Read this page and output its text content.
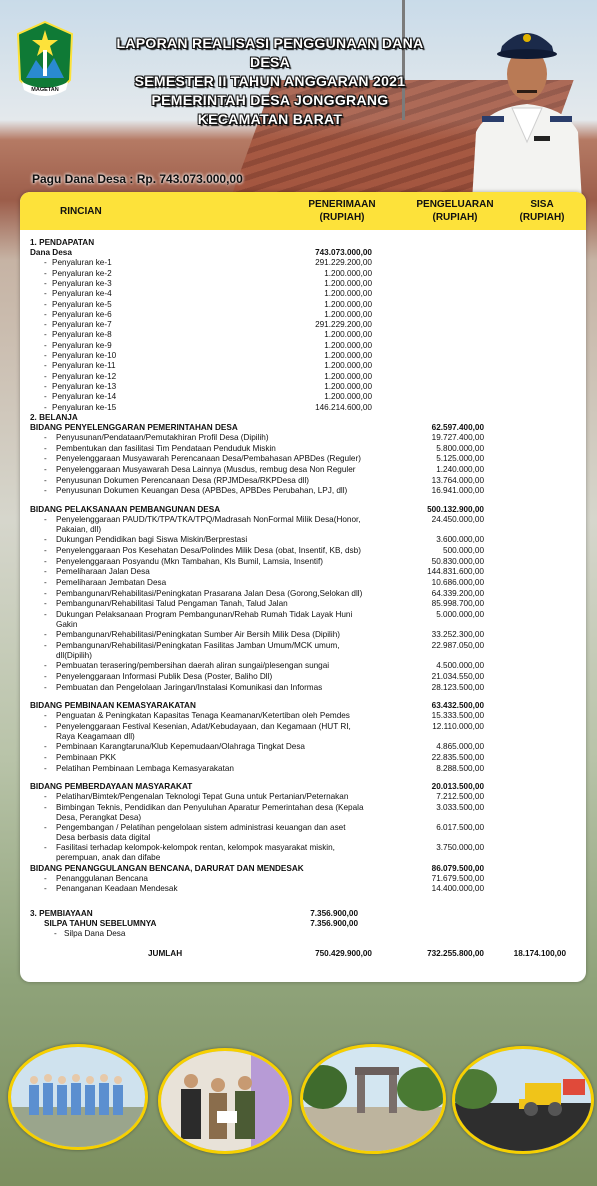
MAGETAN
LAPORAN REALISASI PENGGUNAAN DANA DESA
SEMESTER II TAHUN ANGGARAN 2021
PEMERINTAH DESA JONGGRANG
KECAMATAN BARAT
Pagu Dana Desa : Rp. 743.073.000,00
RINCIAN
PENERIMAAN
(RUPIAH)
PENGELUARAN
(RUPIAH)
SISA
(RUPIAH)
1. PENDAPATAN
Dana Desa	743.073.000,00
- Penyaluran ke-1	291.229.200,00
- Penyaluran ke-2	1.200.000,00
- Penyaluran ke-3	1.200.000,00
- Penyaluran ke-4	1.200.000,00
- Penyaluran ke-5	1.200.000,00
- Penyaluran ke-6	1.200.000,00
- Penyaluran ke-7	291.229.200,00
- Penyaluran ke-8	1.200.000,00
- Penyaluran ke-9	1.200.000,00
- Penyaluran ke-10	1.200.000,00
- Penyaluran ke-11	1.200.000,00
- Penyaluran ke-12	1.200.000,00
- Penyaluran ke-13	1.200.000,00
- Penyaluran ke-14	1.200.000,00
- Penyaluran ke-15	146.214.600,00
2. BELANJA
BIDANG PENYELENGGARAN PEMERINTAHAN DESA	62.597.400,00
- Penyusunan/Pendataan/Pemutakhiran Profil Desa (Dipilih)	19.727.400,00
- Pembentukan dan fasilitasi Tim Pendataan Penduduk Miskin	5.800.000,00
- Penyelenggaraan Musyawarah Perencanaan Desa/Pembahasan APBDes (Reguler)	5.125.000,00
- Penyelenggaraan Musyawarah Desa Lainnya (Musdus, rembug desa Non Reguler	1.240.000,00
- Penyusunan Dokumen Perencanaan Desa (RPJMDesa/RKPDesa dll)	13.764.000,00
- Penyusunan Dokumen Keuangan Desa (APBDes, APBDes Perubahan, LPJ, dll)	16.941.000,00
BIDANG PELAKSANAAN PEMBANGUNAN DESA	500.132.900,00
- Penyelenggaraan PAUD/TK/TPA/TKA/TPQ/Madrasah NonFormal Milik Desa(Honor,
Pakaian, dll)
24.450.000,00
- Dukungan Pendidikan bagi Siswa Miskin/Berprestasi	3.600.000,00
- Penyelenggaraan Pos Kesehatan Desa/Polindes Milik Desa (obat, Insentif, KB, dsb)	500.000,00
- Penyelenggaraan Posyandu (Mkn Tambahan, Kls Bumil, Lamsia, Insentif)	50.830.000,00
- Pemeliharaan Jalan Desa	144.831.600,00
- Pemeliharaan Jembatan Desa	10.686.000,00
- Pembangunan/Rehabilitasi/Peningkatan Prasarana Jalan Desa (Gorong,Selokan dll)	64.339.200,00
- Pembangunan/Rehabilitasi Talud Pengaman Tanah, Talud Jalan	85.998.700,00
- Dukungan Pelaksanaan Program Pembangunan/Rehab Rumah Tidak Layak Huni
Gakin
5.000.000,00
- Pembangunan/Rehabilitasi/Peningkatan Sumber Air Bersih Milik Desa (Dipilih)	33.252.300,00
- Pembangunan/Rehabilitasi/Peningkatan Fasilitas Jamban Umum/MCK umum,
dll(Dipilih)
22.987.050,00
- Pembuatan terasering/pembersihan daerah aliran sungai/plesengan sungai	4.500.000,00
- Penyelenggaraan Informasi Publik Desa (Poster, Baliho Dll)	21.034.550,00
- Pembuatan dan Pengelolaan Jaringan/Instalasi Komunikasi dan Informas	28.123.500,00
BIDANG PEMBINAAN KEMASYARAKATAN	63.432.500,00
- Penguatan & Peningkatan Kapasitas Tenaga Keamanan/Ketertiban oleh Pemdes	15.333.500,00
- Penyelenggaraan Festival Kesenian, Adat/Kebudayaan, dan Kegamaan (HUT RI,
Raya Keagamaan dll)
12.110.000,00
- Pembinaan Karangtaruna/Klub Kepemudaan/Olahraga Tingkat Desa	4.865.000,00
- Pembinaan PKK	22.835.500,00
- Pelatihan Pembinaan Lembaga Kemasyarakatan	8.288.500,00
BIDANG PEMBERDAYAAN MASYARAKAT	20.013.500,00
- Pelatihan/Bimtek/Pengenalan Teknologi Tepat Guna untuk Pertanian/Peternakan	7.212.500,00
- Bimbingan Teknis, Pendidikan dan Penyuluhan Aparatur Pemerintahan desa (Kepala
Desa, Perangkat Desa)
3.033.500,00
- Pengembangan / Pelatihan pengelolaan sistem administrasi keuangan dan aset
Desa berbasis data digital
6.017.500,00
- Fasilitasi terhadap kelompok-kelompok rentan, kelompok masyarakat miskin,
perempuan, anak dan difabe
3.750.000,00
BIDANG PENANGGULANGAN BENCANA, DARURAT DAN MENDESAK	86.079.500,00
- Penanggulanan Bencana	71.679.500,00
- Penanganan Keadaan Mendesak	14.400.000,00
3. PEMBIAYAAN	7.356.900,00
SILPA TAHUN SEBELUMNYA	7.356.900,00
- Silpa Dana Desa
JUMLAH	750.429.900,00	732.255.800,00	18.174.100,00
